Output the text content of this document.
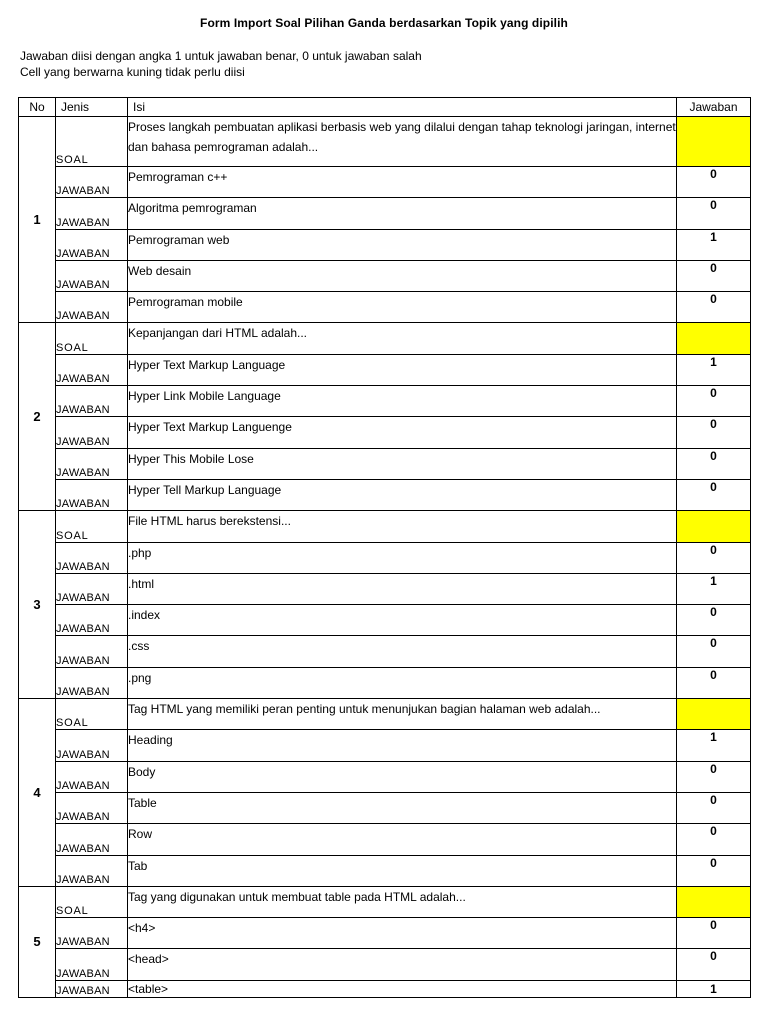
Form Import Soal Pilihan Ganda berdasarkan Topik yang dipilih
Jawaban diisi dengan angka 1 untuk jawaban benar, 0 untuk jawaban salah
Cell yang berwarna kuning tidak perlu diisi
No	Jenis	Isi	Jawaban
1	SOAL	Proses langkah pembuatan aplikasi berbasis web yang dilalui dengan tahap teknologi jaringan, internet dan bahasa pemrograman adalah...	
	JAWABAN	Pemrograman c++	0
	JAWABAN	Algoritma pemrograman	0
	JAWABAN	Pemrograman web	1
	JAWABAN	Web desain	0
	JAWABAN	Pemrograman mobile	0
2	SOAL	Kepanjangan dari HTML adalah...	
	JAWABAN	Hyper Text Markup Language	1
	JAWABAN	Hyper Link Mobile Language	0
	JAWABAN	Hyper Text Markup Languenge	0
	JAWABAN	Hyper This Mobile Lose	0
	JAWABAN	Hyper Tell Markup Language	0
3	SOAL	File HTML harus berekstensi...	
	JAWABAN	.php	0
	JAWABAN	.html	1
	JAWABAN	.index	0
	JAWABAN	.css	0
	JAWABAN	.png	0
4	SOAL	Tag HTML yang memiliki peran penting untuk menunjukan bagian halaman web adalah...	
	JAWABAN	Heading	1
	JAWABAN	Body	0
	JAWABAN	Table	0
	JAWABAN	Row	0
	JAWABAN	Tab	0
5	SOAL	Tag yang digunakan untuk membuat table pada HTML adalah...	
	JAWABAN	<h4>	0
	JAWABAN	<head>	0
	JAWABAN	<table>	1
